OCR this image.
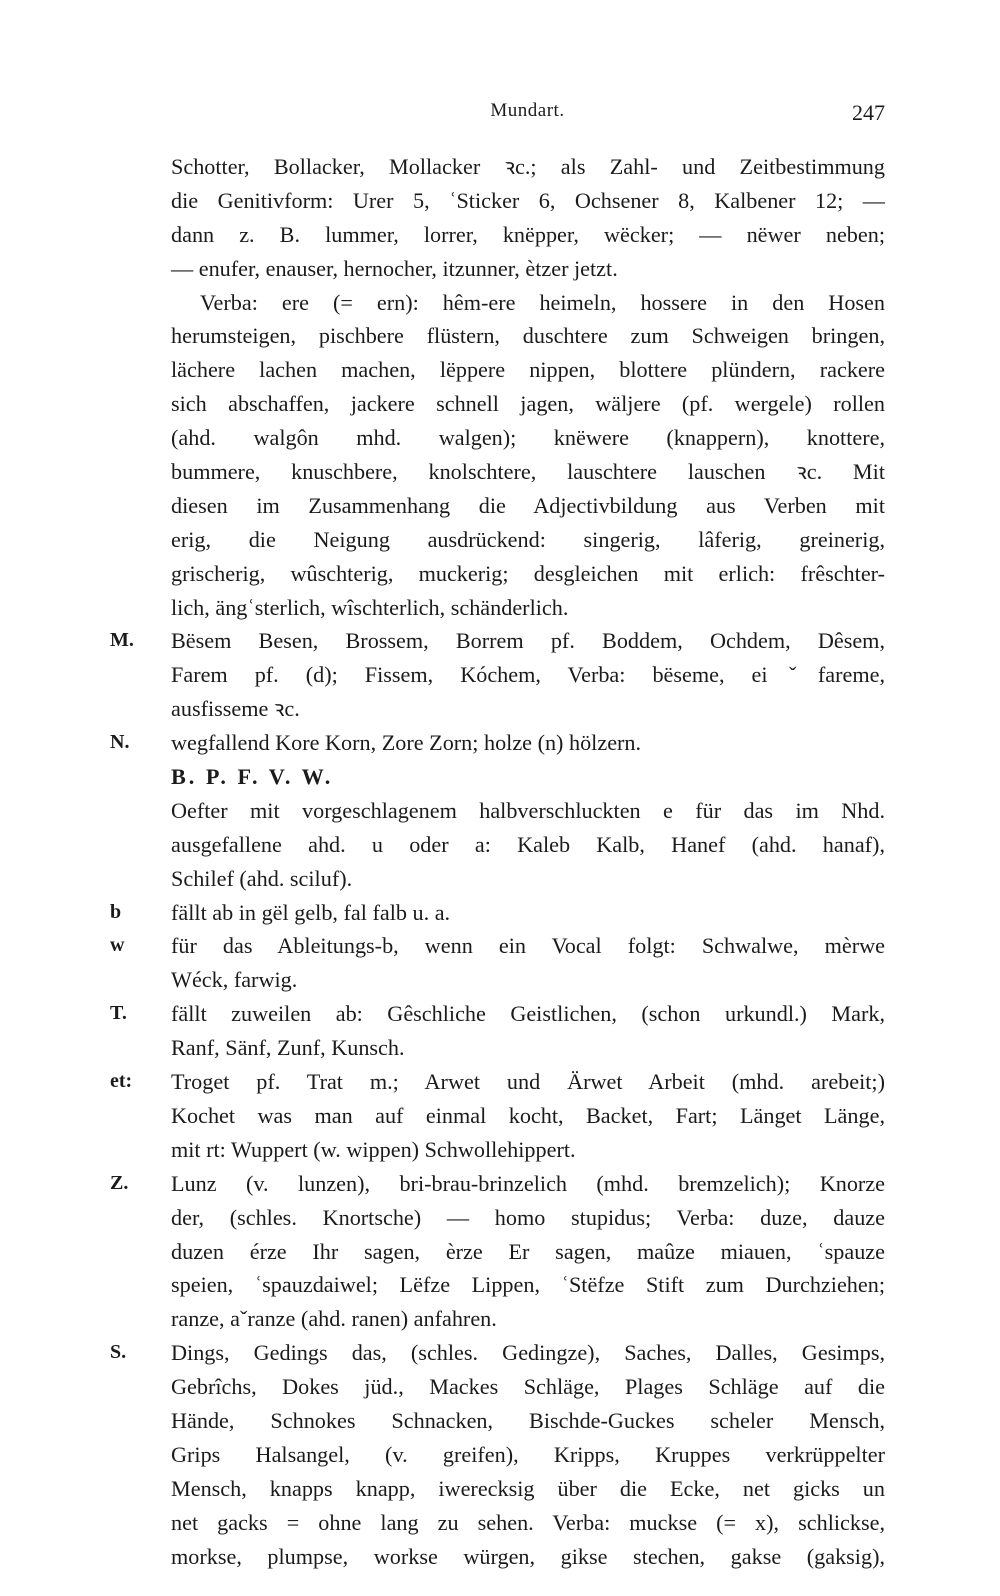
Mundart.	247
Schotter, Bollacker, Mollacker ꝛc.; als Zahl- und Zeitbestimmung
die Genitivform: Urer 5, ʿSticker 6, Ochsener 8, Kalbener 12; —
dann z. B. lummer, lorrer, knëpper, wëcker; — nëwer neben;
— enufer, enauser, hernocher, itzunner, ètzer jetzt.
Verba: ere (= ern): hêm-ere heimeln, hossere in den Hosen
herumsteigen, pischbere flüstern, duschtere zum Schweigen bringen,
lächere lachen machen, lëppere nippen, blottere plündern, rackere
sich abschaffen, jackere schnell jagen, wäljere (pf. wergele) rollen
(ahd. walgôn mhd. walgen); knëwere (knappern), knottere,
bummere, knuschbere, knolschtere, lauschtere lauschen ꝛc. Mit
diesen im Zusammenhang die Adjectivbildung aus Verben mit
erig, die Neigung ausdrückend: singerig, lâferig, greinerig,
grischerig, wûschterig, muckerig; desgleichen mit erlich: frêschter-
lich, ängʿsterlich, wîschterlich, schänderlich.
M. Bësem Besen, Brossem, Borrem pf. Boddem, Ochdem, Dêsem,
Farem pf. (d); Fissem, Kóchem, Verba: bëseme, eiˇfareme,
ausfisseme ꝛc.
N. wegfallend Kore Korn, Zore Zorn; holze (n) hölzern.
B. P. F. V. W.
Oefter mit vorgeschlagenem halbverschluckten e für das im Nhd.
ausgefallene ahd. u oder a: Kaleb Kalb, Hanef (ahd. hanaf),
Schilef (ahd. sciluf).
b fällt ab in gël gelb, fal falb u. a.
w für das Ableitungs-b, wenn ein Vocal folgt: Schwalwe, mèrwe
Wéck, farwig.
T. fällt zuweilen ab: Gêschliche Geistlichen, (schon urkundl.) Mark,
Ranf, Sänf, Zunf, Kunsch.
et: Troget pf. Trat m.; Arwet und Ärwet Arbeit (mhd. arebeit;)
Kochet was man auf einmal kocht, Backet, Fart; Länget Länge,
mit rt: Wuppert (w. wippen) Schwollehippert.
Z. Lunz (v. lunzen), bri-brau-brinzelich (mhd. bremzelich); Knorze
der, (schles. Knortsche) — homo stupidus; Verba: duze, dauze
duzen érze Ihr sagen, èrze Er sagen, maûze miauen, ʿspauze
speien, ʿspauzdaiwel; Lëfze Lippen, ʿStëfze Stift zum Durchziehen;
ranze, aˇranze (ahd. ranen) anfahren.
S. Dings, Gedings das, (schles. Gedingze), Saches, Dalles, Gesimps,
Gebrîchs, Dokes jüd., Mackes Schläge, Plages Schläge auf die
Hände, Schnokes Schnacken, Bischde-Guckes scheler Mensch,
Grips Halsangel, (v. greifen), Kripps, Kruppes verkrüppelter
Mensch, knapps knapp, iwerecksig über die Ecke, net gicks un
net gacks = ohne lang zu sehen. Verba: muckse (= x), schlickse,
morkse, plumpse, workse würgen, gikse stechen, gakse (gaksig),
